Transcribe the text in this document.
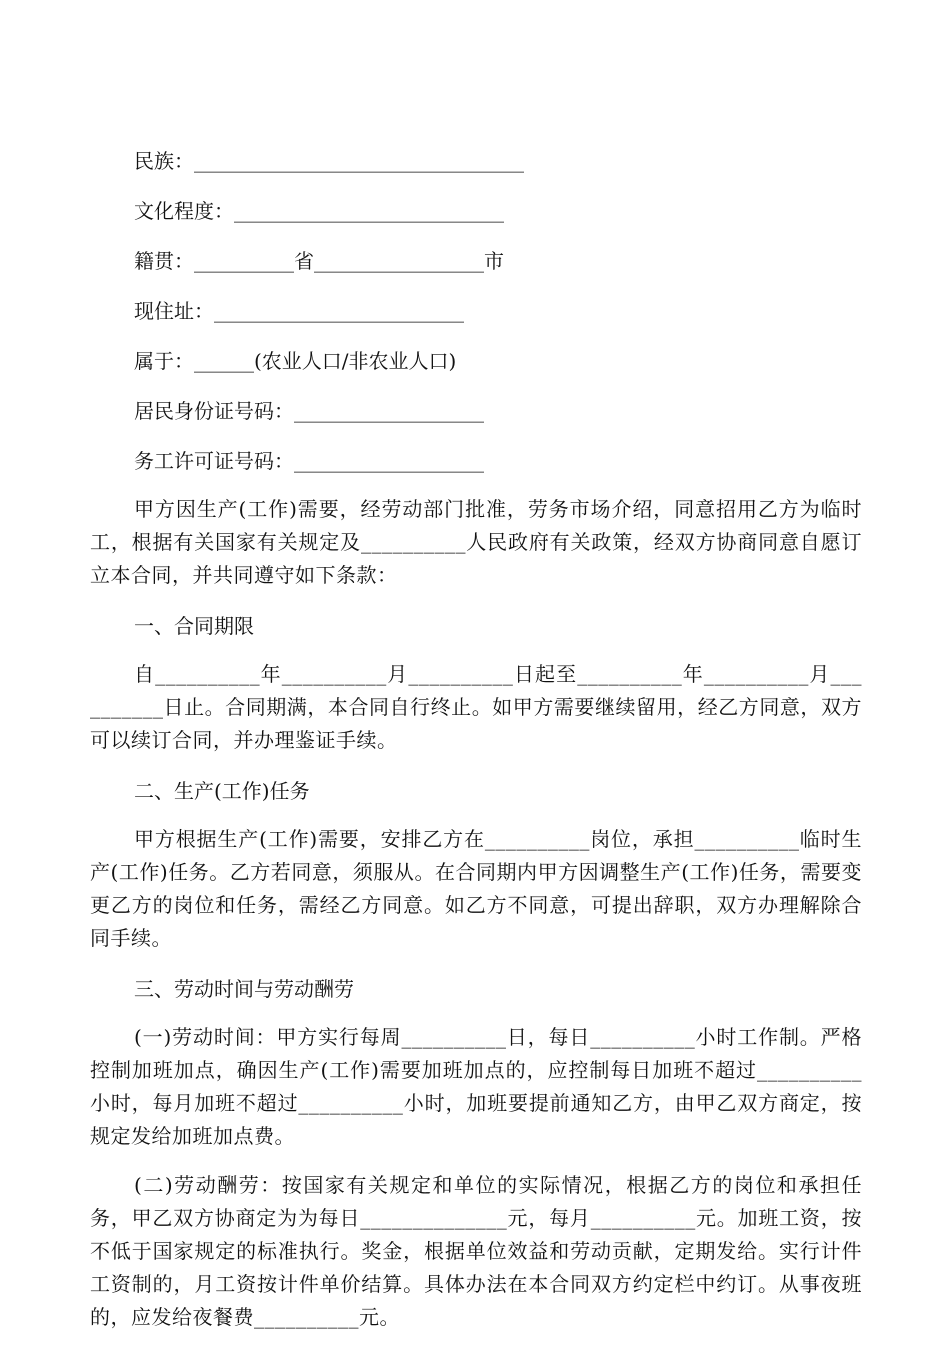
民族：_________________________________
文化程度：___________________________
籍贯：__________省_________________市
现住址：_________________________
属于：______(农业人口/非农业人口)
居民身份证号码：___________________
务工许可证号码：___________________

甲方因生产(工作)需要，经劳动部门批准，劳务市场介绍，同意招用乙方为临时工，根据有关国家有关规定及__________人民政府有关政策，经双方协商同意自愿订立本合同，并共同遵守如下条款：

一、合同期限

自__________年__________月__________日起至__________年__________月__________日止。合同期满，本合同自行终止。如甲方需要继续留用，经乙方同意，双方可以续订合同，并办理鉴证手续。

二、生产(工作)任务

甲方根据生产(工作)需要，安排乙方在__________岗位，承担__________临时生产(工作)任务。乙方若同意，须服从。在合同期内甲方因调整生产(工作)任务，需要变更乙方的岗位和任务，需经乙方同意。如乙方不同意，可提出辞职，双方办理解除合同手续。

三、劳动时间与劳动酬劳

(一)劳动时间：甲方实行每周__________日，每日__________小时工作制。严格控制加班加点，确因生产(工作)需要加班加点的，应控制每日加班不超过__________小时，每月加班不超过__________小时，加班要提前通知乙方，由甲乙双方商定，按规定发给加班加点费。

(二)劳动酬劳：按国家有关规定和单位的实际情况，根据乙方的岗位和承担任务，甲乙双方协商定为为每日______________元，每月__________元。加班工资，按不低于国家规定的标准执行。奖金，根据单位效益和劳动贡献，定期发给。实行计件工资制的，月工资按计件单价结算。具体办法在本合同双方约定栏中约订。从事夜班的，应发给夜餐费__________元。
